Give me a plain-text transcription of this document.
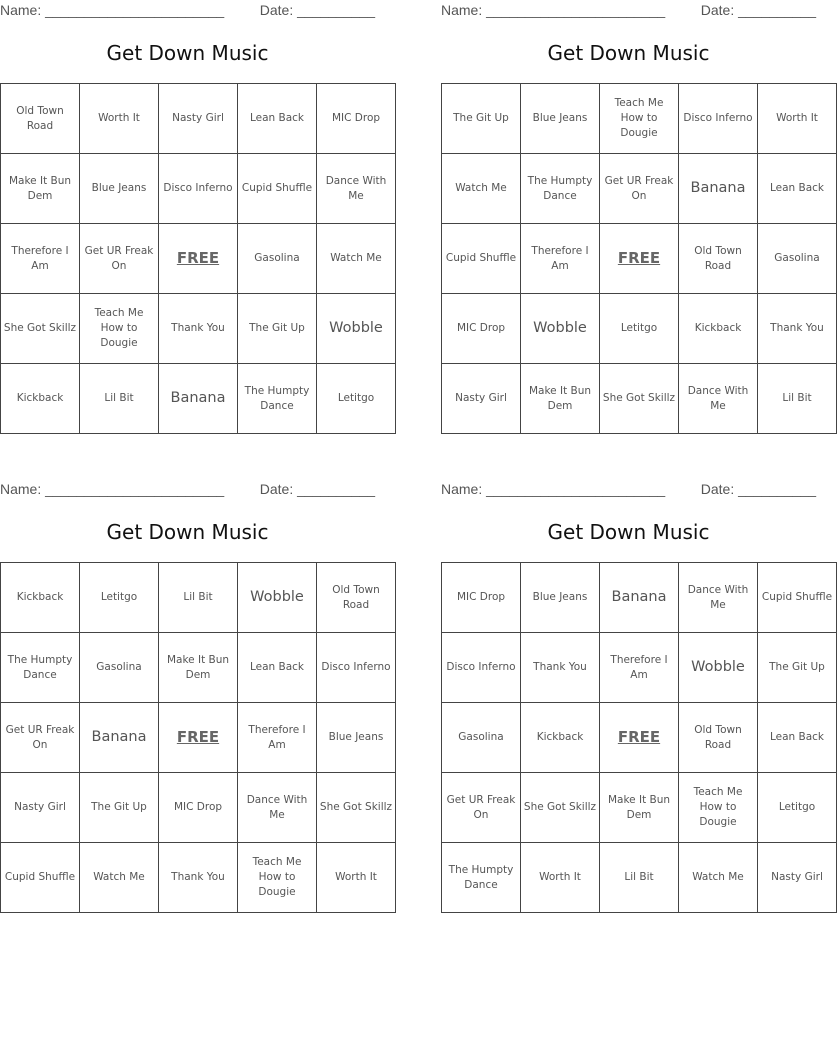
Name: _______________________	Date: __________
Get Down Music
Old Town Road	Worth It	Nasty Girl	Lean Back	MIC Drop
Make It Bun Dem	Blue Jeans	Disco Inferno	Cupid Shuffle	Dance With Me
Therefore I Am	Get UR Freak On	FREE	Gasolina	Watch Me
She Got Skillz	Teach Me How to Dougie	Thank You	The Git Up	Wobble
Kickback	Lil Bit	Banana	The Humpty Dance	Letitgo
Name: _______________________	Date: __________
Get Down Music
The Git Up	Blue Jeans	Teach Me How to Dougie	Disco Inferno	Worth It
Watch Me	The Humpty Dance	Get UR Freak On	Banana	Lean Back
Cupid Shuffle	Therefore I Am	FREE	Old Town Road	Gasolina
MIC Drop	Wobble	Letitgo	Kickback	Thank You
Nasty Girl	Make It Bun Dem	She Got Skillz	Dance With Me	Lil Bit
Name: _______________________	Date: __________
Get Down Music
Kickback	Letitgo	Lil Bit	Wobble	Old Town Road
The Humpty Dance	Gasolina	Make It Bun Dem	Lean Back	Disco Inferno
Get UR Freak On	Banana	FREE	Therefore I Am	Blue Jeans
Nasty Girl	The Git Up	MIC Drop	Dance With Me	She Got Skillz
Cupid Shuffle	Watch Me	Thank You	Teach Me How to Dougie	Worth It
Name: _______________________	Date: __________
Get Down Music
MIC Drop	Blue Jeans	Banana	Dance With Me	Cupid Shuffle
Disco Inferno	Thank You	Therefore I Am	Wobble	The Git Up
Gasolina	Kickback	FREE	Old Town Road	Lean Back
Get UR Freak On	She Got Skillz	Make It Bun Dem	Teach Me How to Dougie	Letitgo
The Humpty Dance	Worth It	Lil Bit	Watch Me	Nasty Girl
